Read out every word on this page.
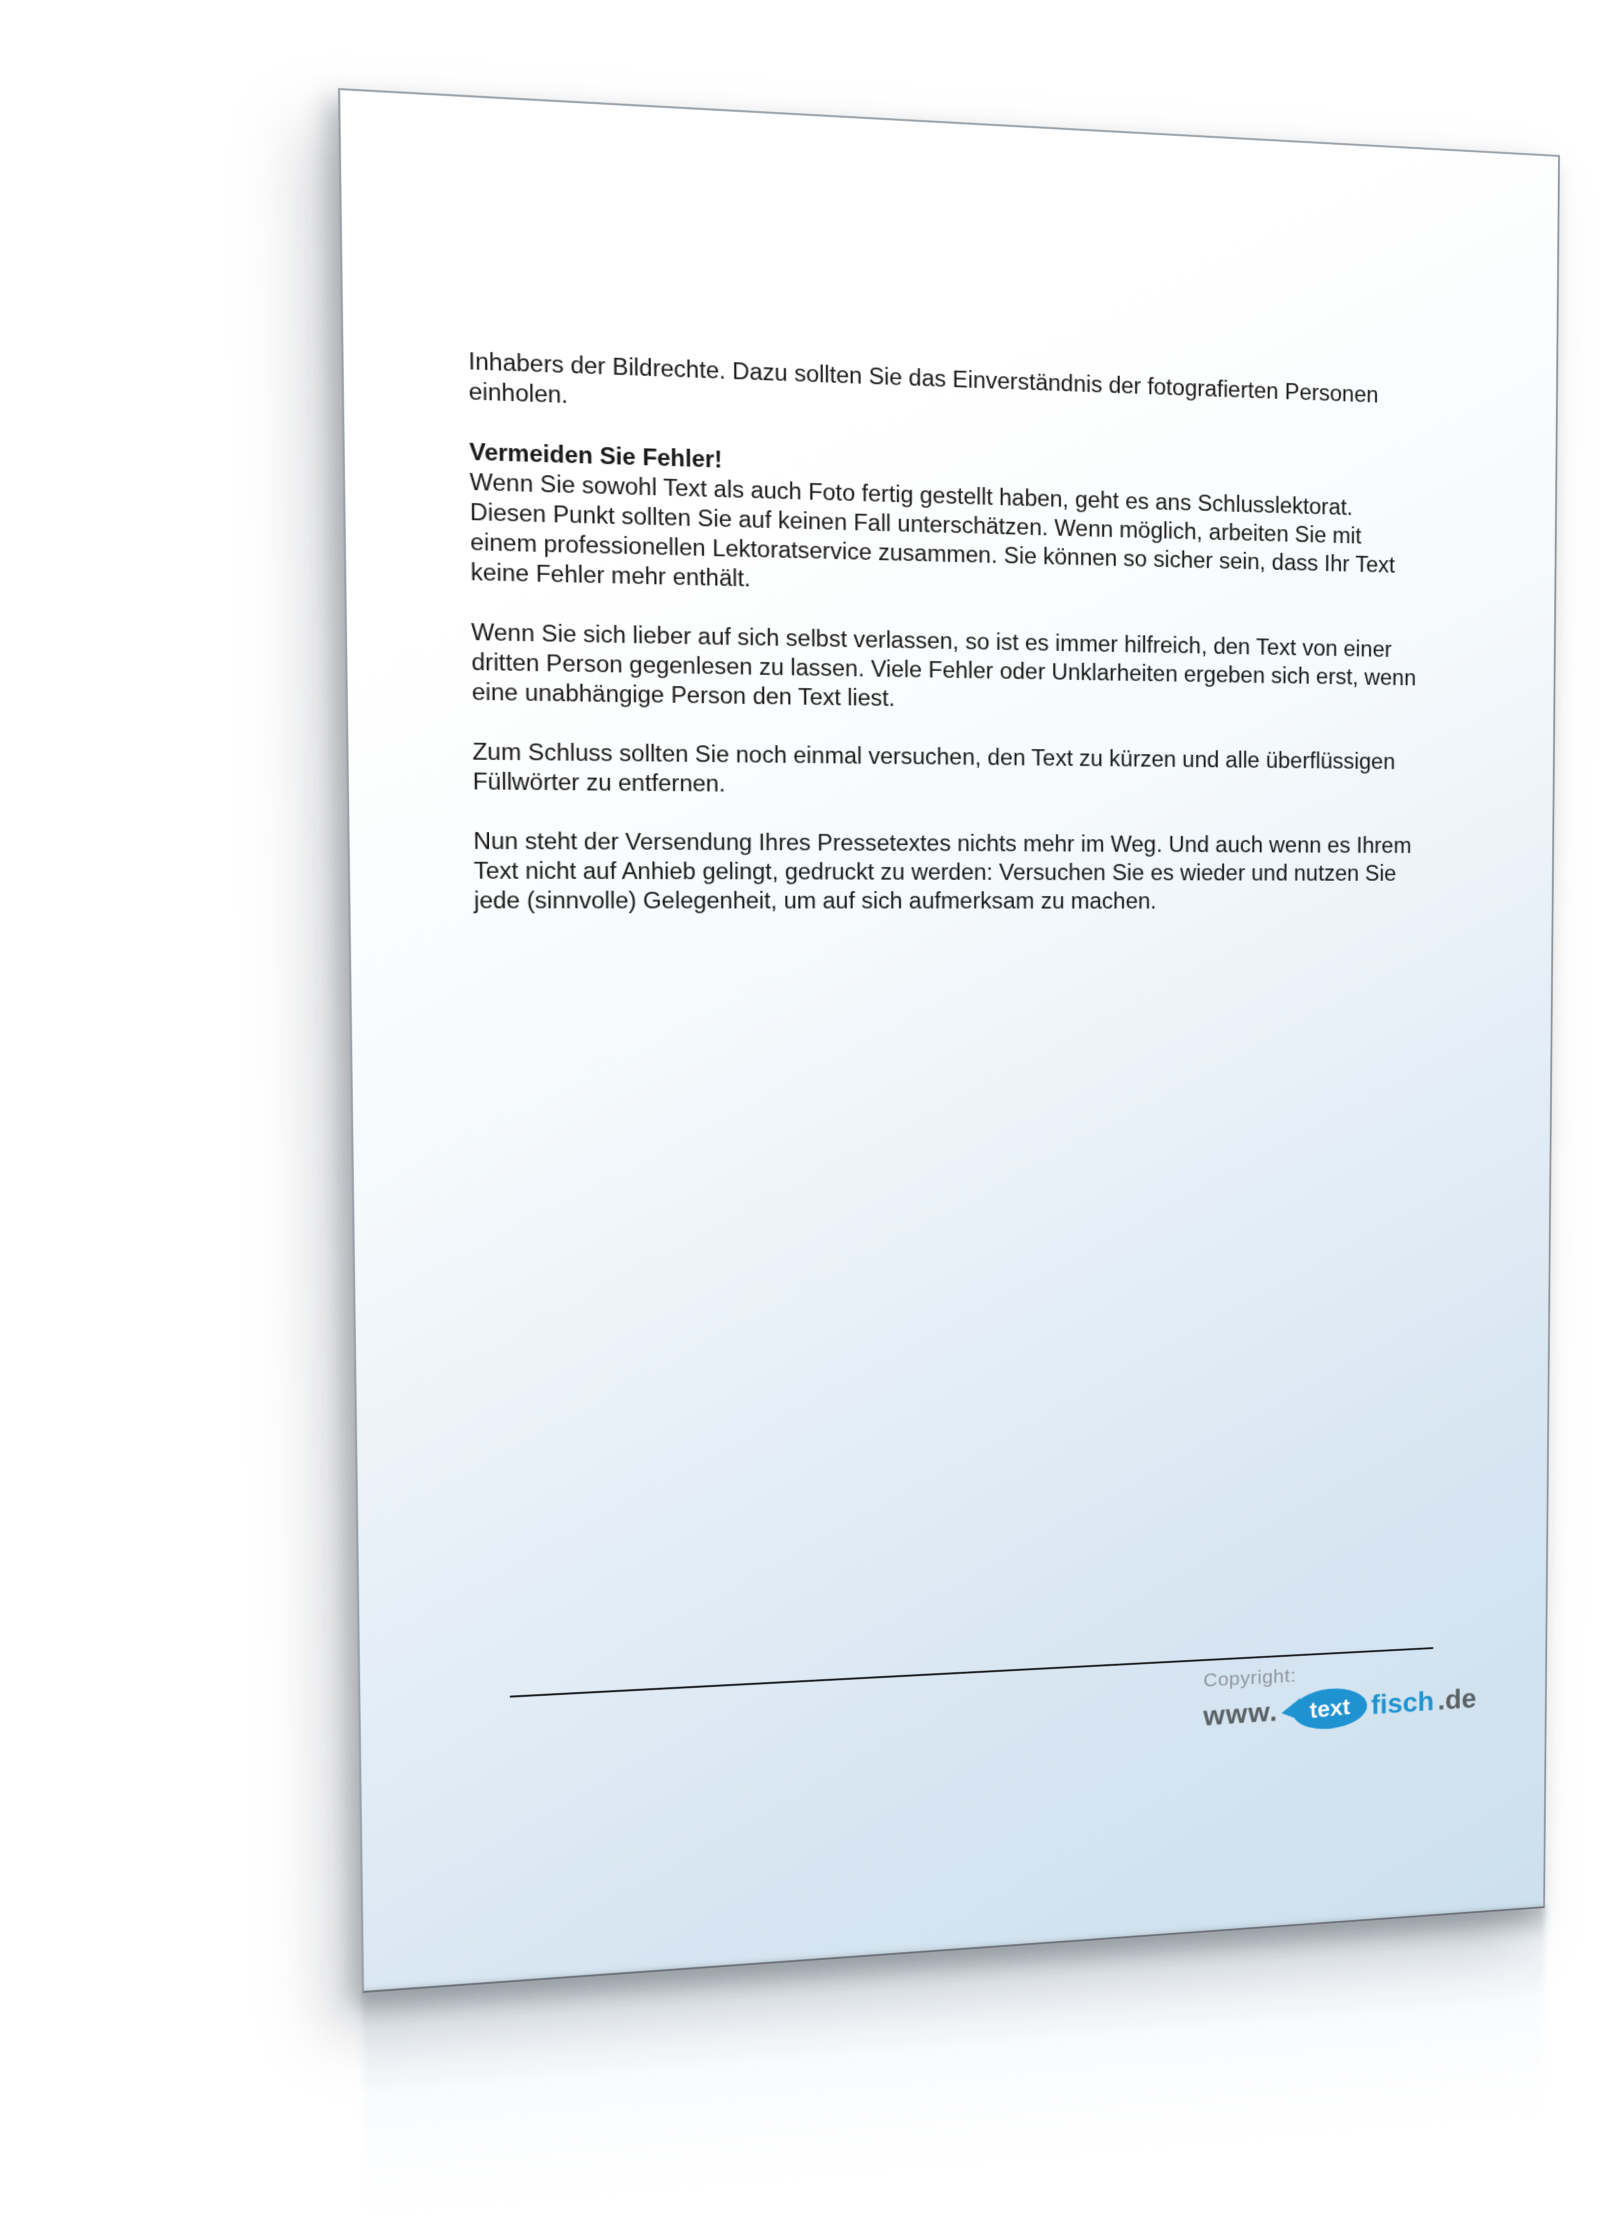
Inhabers der Bildrechte. Dazu sollten Sie das Einverständnis der fotografierten Personen einholen.

Vermeiden Sie Fehler!

Wenn Sie sowohl Text als auch Foto fertig gestellt haben, geht es ans Schlusslektorat. Diesen Punkt sollten Sie auf keinen Fall unterschätzen. Wenn möglich, arbeiten Sie mit einem professionellen Lektoratservice zusammen. Sie können so sicher sein, dass Ihr Text keine Fehler mehr enthält.

Wenn Sie sich lieber auf sich selbst verlassen, so ist es immer hilfreich, den Text von einer dritten Person gegenlesen zu lassen. Viele Fehler oder Unklarheiten ergeben sich erst, wenn eine unabhängige Person den Text liest.

Zum Schluss sollten Sie noch einmal versuchen, den Text zu kürzen und alle überflüssigen Füllwörter zu entfernen.

Nun steht der Versendung Ihres Pressetextes nichts mehr im Weg. Und auch wenn es Ihrem Text nicht auf Anhieb gelingt, gedruckt zu werden: Versuchen Sie es wieder und nutzen Sie jede (sinnvolle) Gelegenheit, um auf sich aufmerksam zu machen.

Copyright:
www.	text fisch .de
